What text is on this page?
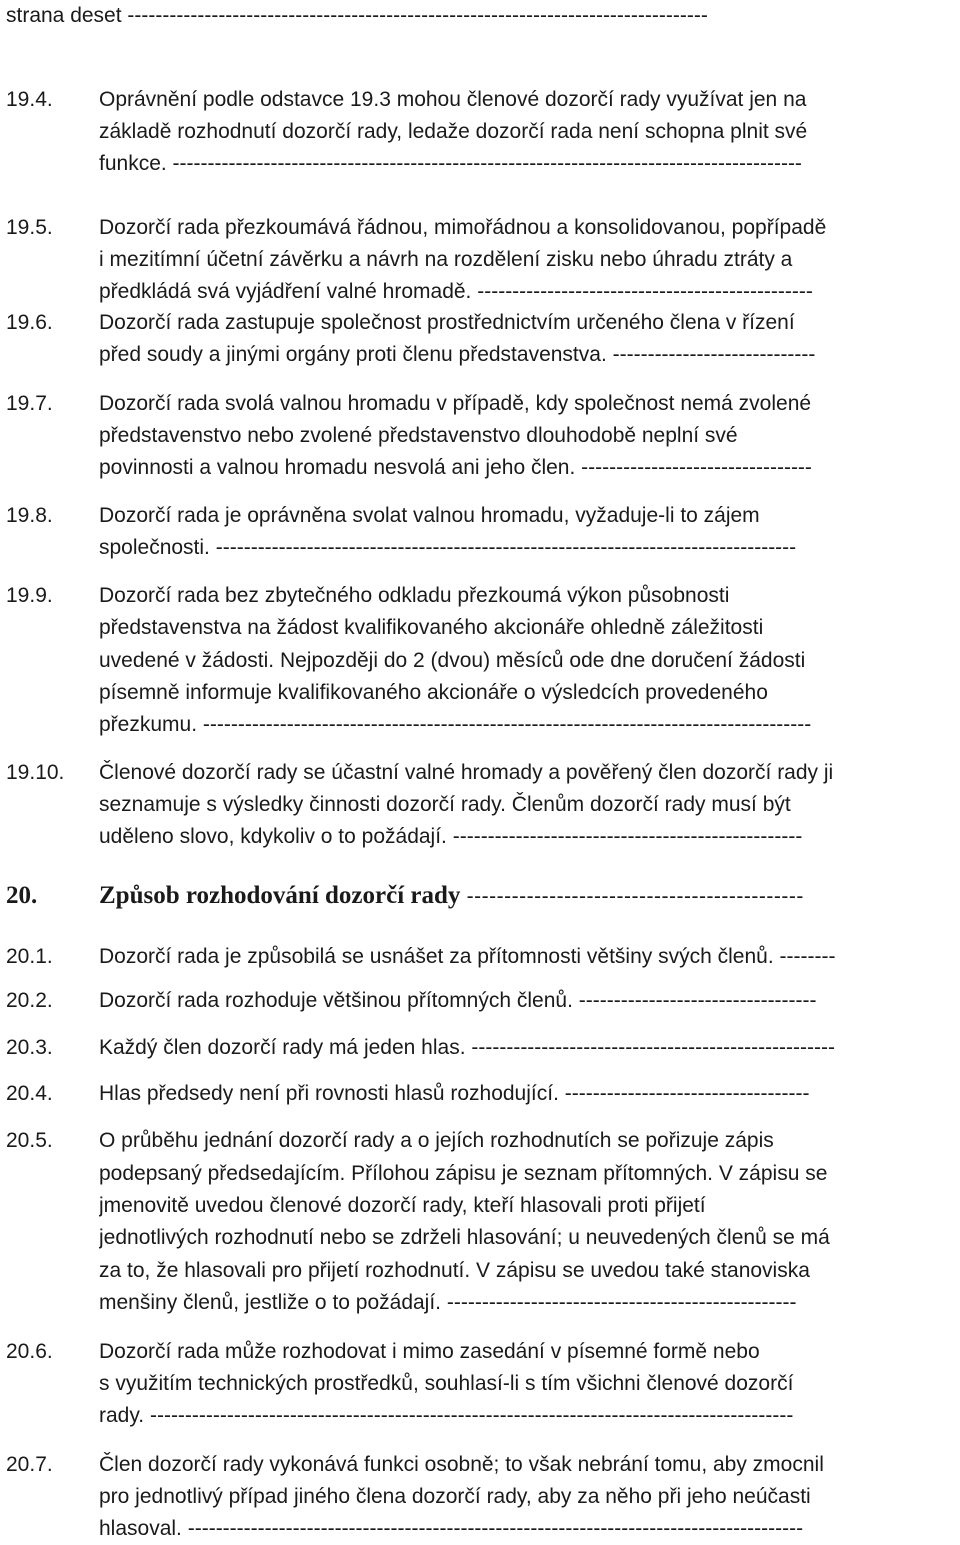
strana deset -----------------------------------------------------------------------------------
19.4. Oprávnění podle odstavce 19.3 mohou členové dozorčí rady využívat jen na
základě rozhodnutí dozorčí rady, ledaže dozorčí rada není schopna plnit své
funkce. ------------------------------------------------------------------------------------------
19.5. Dozorčí rada přezkoumává řádnou, mimořádnou a konsolidovanou, popřípadě
i mezitímní účetní závěrku a návrh na rozdělení zisku nebo úhradu ztráty a
předkládá svá vyjádření valné hromadě. ------------------------------------------------
19.6. Dozorčí rada zastupuje společnost prostřednictvím určeného člena v řízení
před soudy a jinými orgány proti členu představenstva. -----------------------------
19.7. Dozorčí rada svolá valnou hromadu v případě, kdy společnost nemá zvolené
představenstvo nebo zvolené představenstvo dlouhodobě neplní své
povinnosti a valnou hromadu nesvolá ani jeho člen. ---------------------------------
19.8. Dozorčí rada je oprávněna svolat valnou hromadu, vyžaduje-li to zájem
společnosti. -----------------------------------------------------------------------------------
19.9. Dozorčí rada bez zbytečného odkladu přezkoumá výkon působnosti
představenstva na žádost kvalifikovaného akcionáře ohledně záležitosti
uvedené v žádosti. Nejpozději do 2 (dvou) měsíců ode dne doručení žádosti
písemně informuje kvalifikovaného akcionáře o výsledcích provedeného
přezkumu. ---------------------------------------------------------------------------------------
19.10. Členové dozorčí rady se účastní valné hromady a pověřený člen dozorčí rady ji
seznamuje s výsledky činnosti dozorčí rady. Členům dozorčí rady musí být
uděleno slovo, kdykoliv o to požádají. --------------------------------------------------
20. Způsob rozhodování dozorčí rady ---------------------------------------------
20.1. Dozorčí rada je způsobilá se usnášet za přítomnosti většiny svých členů. --------
20.2. Dozorčí rada rozhoduje většinou přítomných členů. ----------------------------------
20.3. Každý člen dozorčí rady má jeden hlas. ----------------------------------------------------
20.4. Hlas předsedy není při rovnosti hlasů rozhodující. -----------------------------------
20.5. O průběhu jednání dozorčí rady a o jejích rozhodnutích se pořizuje zápis
podepsaný předsedajícím. Přílohou zápisu je seznam přítomných. V zápisu se
jmenovitě uvedou členové dozorčí rady, kteří hlasovali proti přijetí
jednotlivých rozhodnutí nebo se zdrželi hlasování; u neuvedených členů se má
za to, že hlasovali pro přijetí rozhodnutí. V zápisu se uvedou také stanoviska
menšiny členů, jestliže o to požádají. --------------------------------------------------
20.6. Dozorčí rada může rozhodovat i mimo zasedání v písemné formě nebo
s využitím technických prostředků, souhlasí-li s tím všichni členové dozorčí
rady. --------------------------------------------------------------------------------------------
20.7. Člen dozorčí rady vykonává funkci osobně; to však nebrání tomu, aby zmocnil
pro jednotlivý případ jiného člena dozorčí rady, aby za něho při jeho neúčasti
hlasoval. ----------------------------------------------------------------------------------------
